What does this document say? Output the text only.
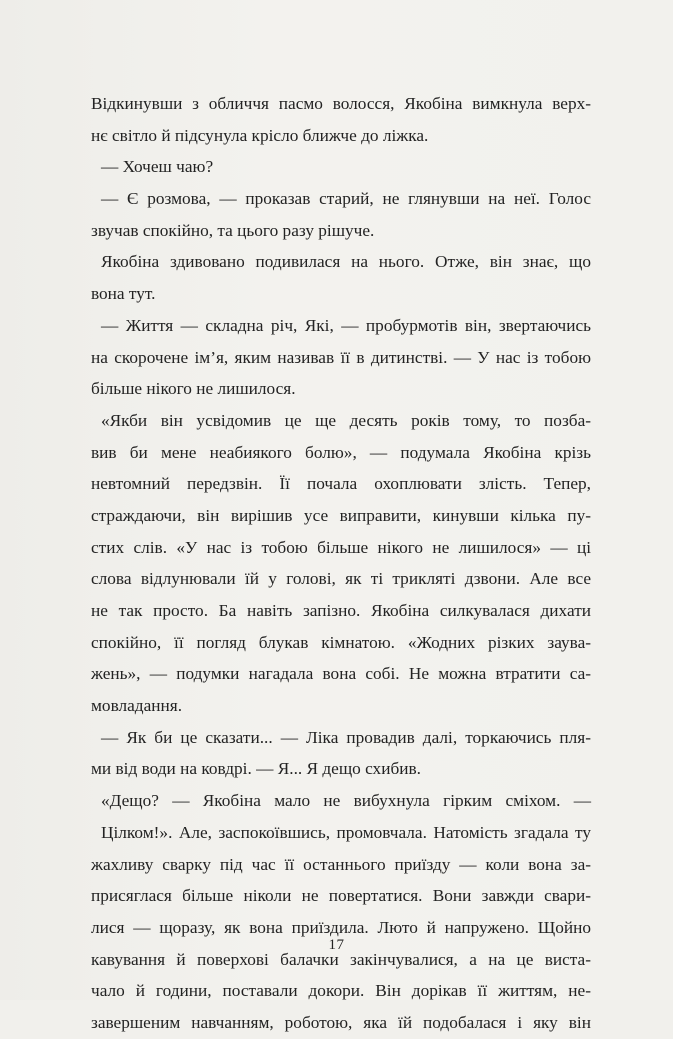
Відкинувши з обличчя пасмо волосся, Якобіна вимкнула верх-
нє світло й підсунула крісло ближче до ліжка.
— Хочеш чаю?
— Є розмова, — проказав старий, не глянувши на неї. Голос
звучав спокійно, та цього разу рішуче.
Якобіна здивовано подивилася на нього. Отже, він знає, що
вона тут.
— Життя — складна річ, Які, — пробурмотів він, звертаючись
на скорочене ім’я, яким називав її в дитинстві. — У нас із тобою
більше нікого не лишилося.
«Якби він усвідомив це ще десять років тому, то позба-
вив би мене неабиякого болю», — подумала Якобіна крізь
невтомний передзвін. Її почала охоплювати злість. Тепер,
страждаючи, він вирішив усе виправити, кинувши кілька пу-
стих слів. «У нас із тобою більше нікого не лишилося» — ці
слова відлунювали їй у голові, як ті триклятi дзвони. Але все
не так просто. Ба навіть запізно. Якобіна силкувалася дихати
спокійно, її погляд блукав кімнатою. «Жодних різких заува-
жень», — подумки нагадала вона собі. Не можна втратити са-
мовладання.
— Як би це сказати... — Ліка провадив далі, торкаючись пля-
ми від води на ковдрі. — Я... Я дещо схибив.
«Дещо? — Якобіна мало не вибухнула гірким сміхом. — Цілком!». Але, заспокоївшись, промовчала. Натомість згадала ту
жахливу сварку під час її останнього приїзду — коли вона за-
присяглася більше ніколи не повертатися. Вони завжди свари-
лися — щоразу, як вона приїздила. Люто й напружено. Щойно
кавування й поверхові балачки закінчувалися, а на це виста-
чало й години, поставали докори. Він дорікав її життям, не-
завершеним навчанням, роботою, яка їй подобалася і яку він
17
